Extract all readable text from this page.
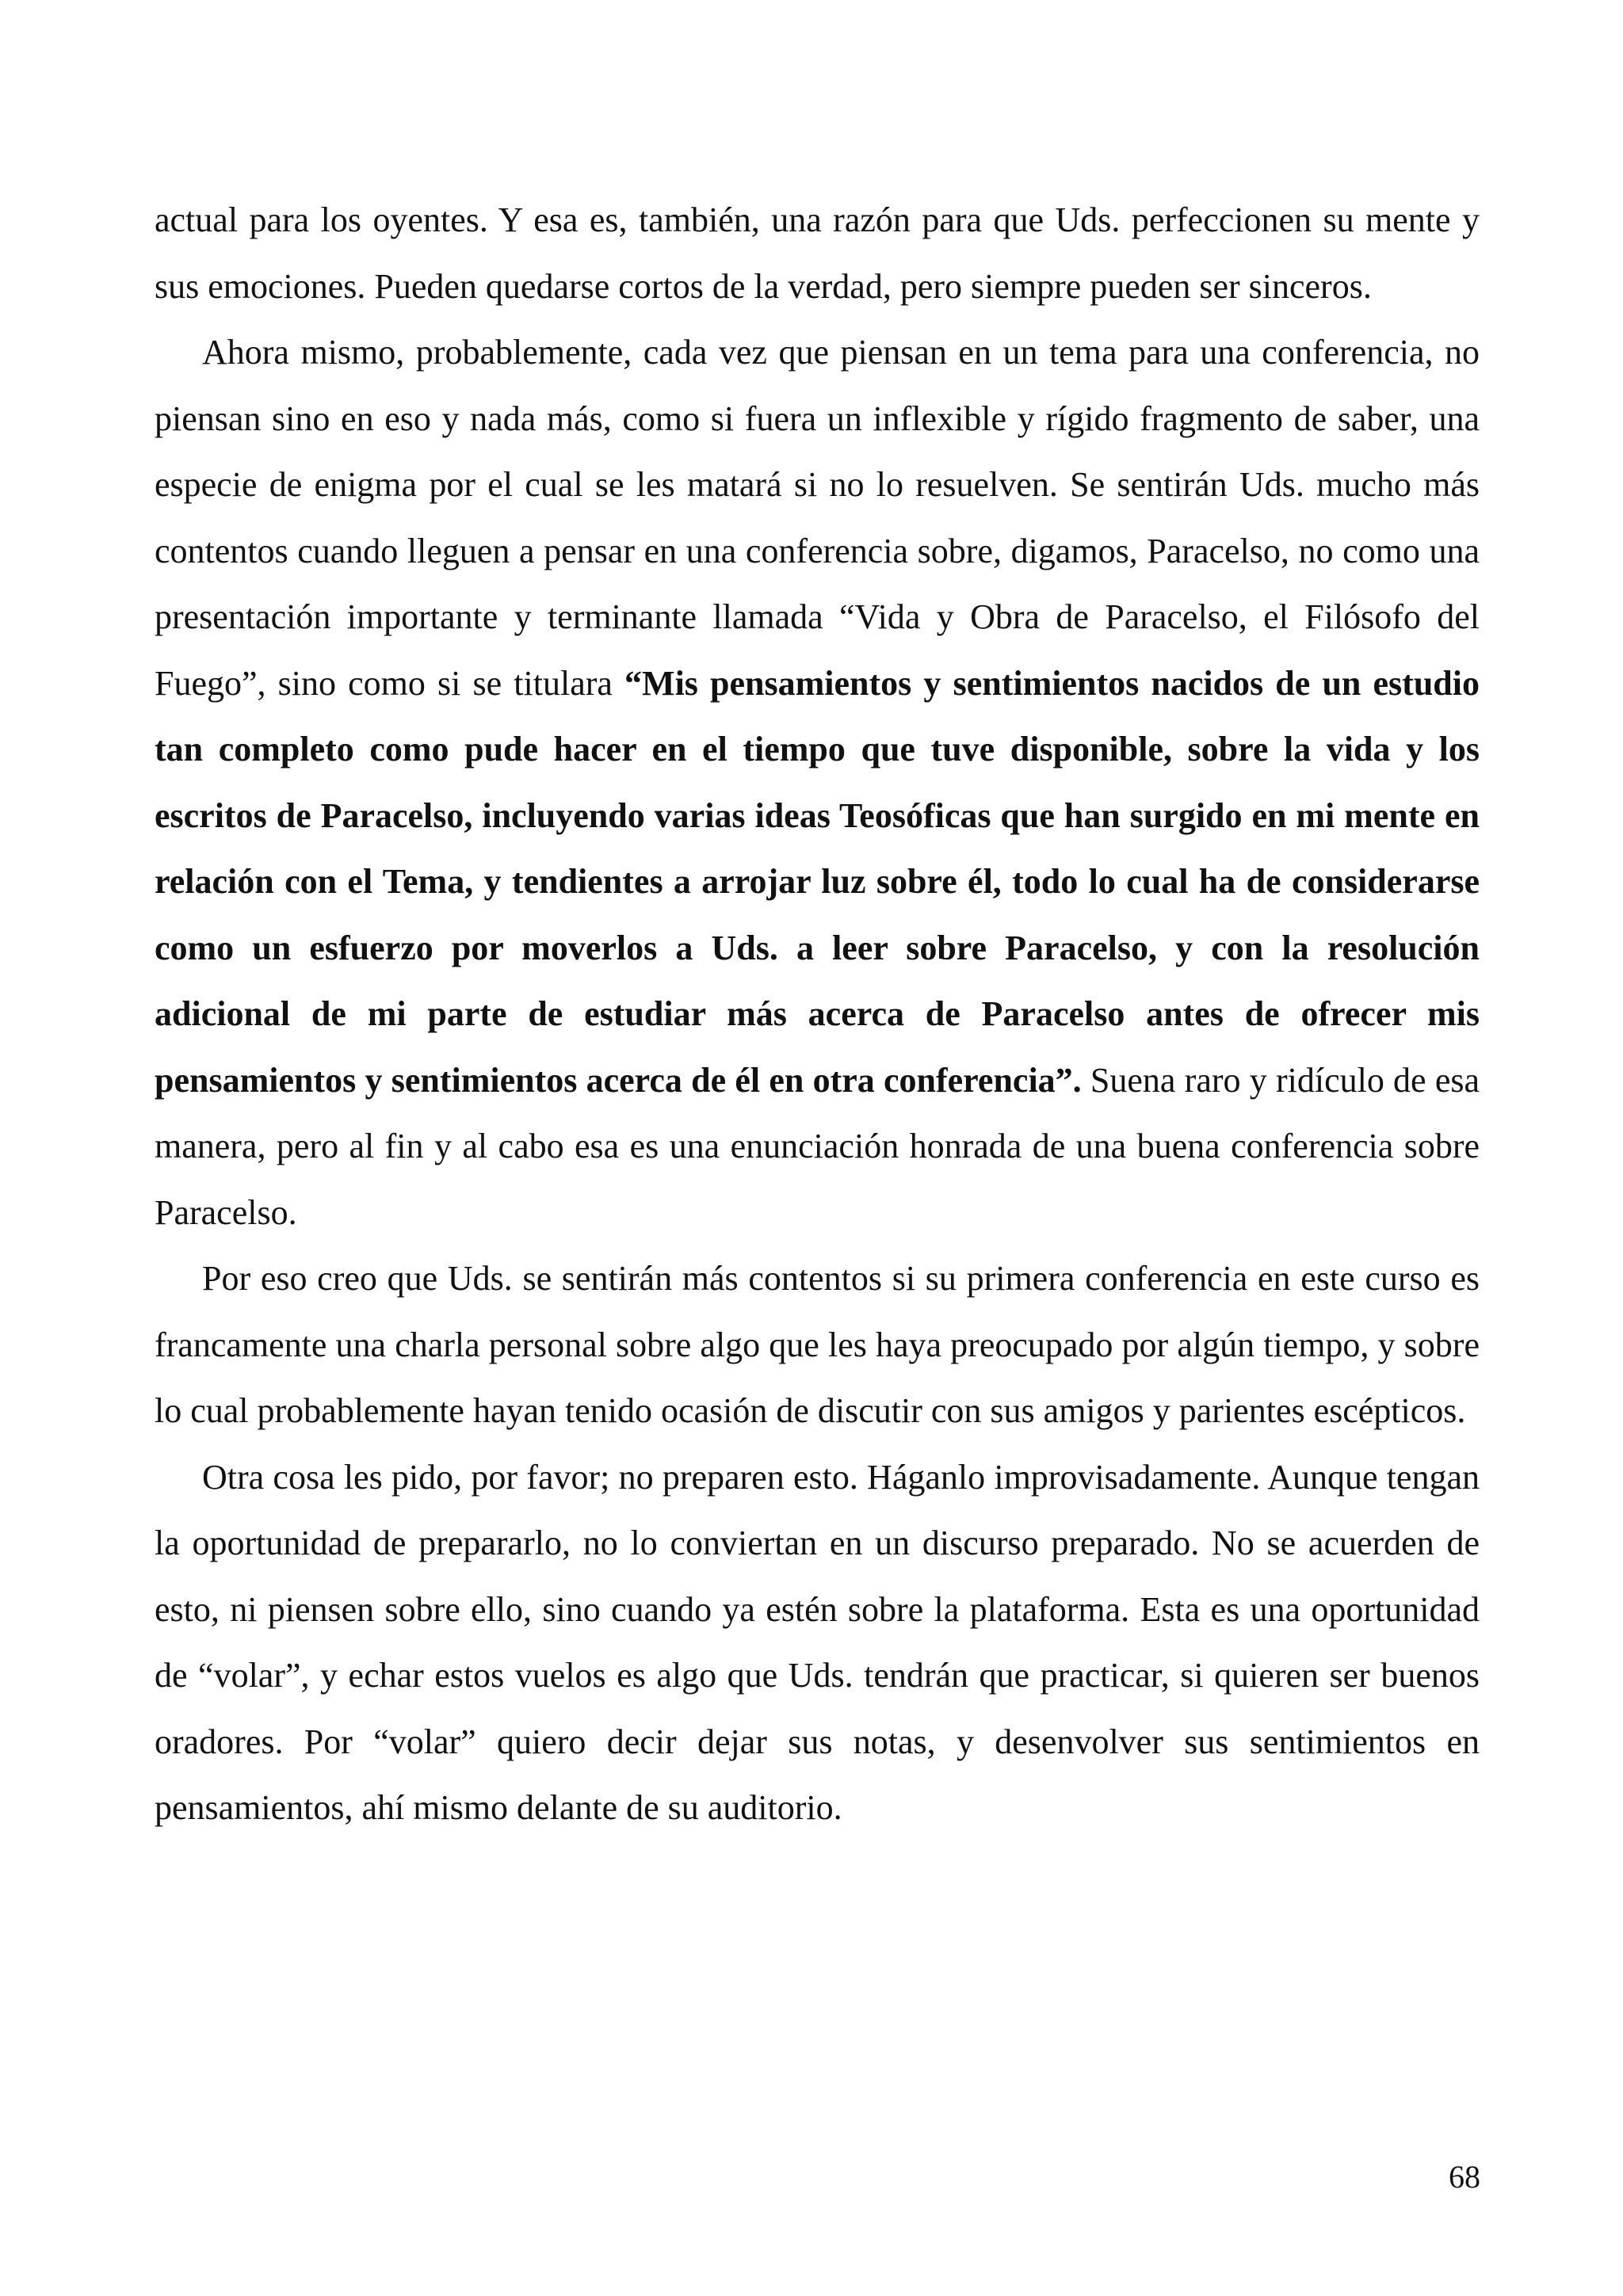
actual para los oyentes. Y esa es, también, una razón para que Uds. perfeccionen su mente y sus emociones. Pueden quedarse cortos de la verdad, pero siempre pueden ser sinceros.

Ahora mismo, probablemente, cada vez que piensan en un tema para una conferencia, no piensan sino en eso y nada más, como si fuera un inflexible y rígido fragmento de saber, una especie de enigma por el cual se les matará si no lo resuelven. Se sentirán Uds. mucho más contentos cuando lleguen a pensar en una conferencia sobre, digamos, Paracelso, no como una presentación importante y terminante llamada “Vida y Obra de Paracelso, el Filósofo del Fuego”, sino como si se titulara “Mis pensamientos y sentimientos nacidos de un estudio tan completo como pude hacer en el tiempo que tuve disponible, sobre la vida y los escritos de Paracelso, incluyendo varias ideas Teosóficas que han surgido en mi mente en relación con el Tema, y tendientes a arrojar luz sobre él, todo lo cual ha de considerarse como un esfuerzo por moverlos a Uds. a leer sobre Paracelso, y con la resolución adicional de mi parte de estudiar más acerca de Paracelso antes de ofrecer mis pensamientos y sentimientos acerca de él en otra conferencia”. Suena raro y ridículo de esa manera, pero al fin y al cabo esa es una enunciación honrada de una buena conferencia sobre Paracelso.

Por eso creo que Uds. se sentirán más contentos si su primera conferencia en este curso es francamente una charla personal sobre algo que les haya preocupado por algún tiempo, y sobre lo cual probablemente hayan tenido ocasión de discutir con sus amigos y parientes escépticos.

Otra cosa les pido, por favor; no preparen esto. Háganlo improvisadamente. Aunque tengan la oportunidad de prepararlo, no lo conviertan en un discurso preparado. No se acuerden de esto, ni piensen sobre ello, sino cuando ya estén sobre la plataforma. Esta es una oportunidad de “volar”, y echar estos vuelos es algo que Uds. tendrán que practicar, si quieren ser buenos oradores. Por “volar” quiero decir dejar sus notas, y desenvolver sus sentimientos en pensamientos, ahí mismo delante de su auditorio.

68
